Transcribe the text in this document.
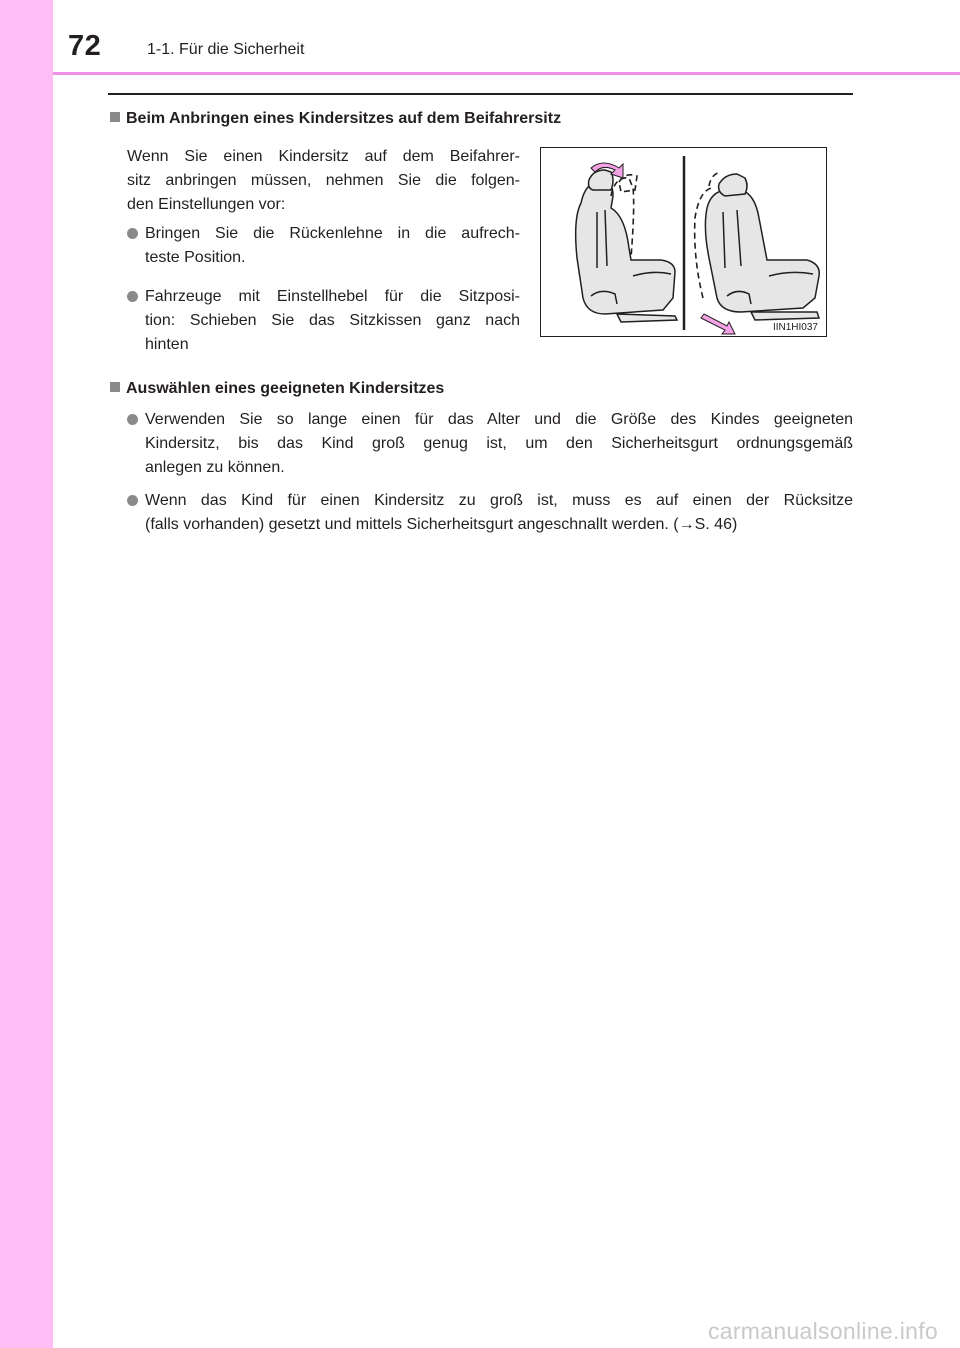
72	1-1. Für die Sicherheit
Beim Anbringen eines Kindersitzes auf dem Beifahrersitz
Wenn Sie einen Kindersitz auf dem Beifahrer-
sitz anbringen müssen, nehmen Sie die folgen-
den Einstellungen vor:
Bringen Sie die Rückenlehne in die aufrech-
teste Position.
Fahrzeuge mit Einstellhebel für die Sitzposi-
tion: Schieben Sie das Sitzkissen ganz nach
hinten
IIN1HI037
Auswählen eines geeigneten Kindersitzes
Verwenden Sie so lange einen für das Alter und die Größe des Kindes geeigneten
Kindersitz, bis das Kind groß genug ist, um den Sicherheitsgurt ordnungsgemäß
anlegen zu können.
Wenn das Kind für einen Kindersitz zu groß ist, muss es auf einen der Rücksitze
(falls vorhanden) gesetzt und mittels Sicherheitsgurt angeschnallt werden. (→S. 46)
carmanualsonline.info
